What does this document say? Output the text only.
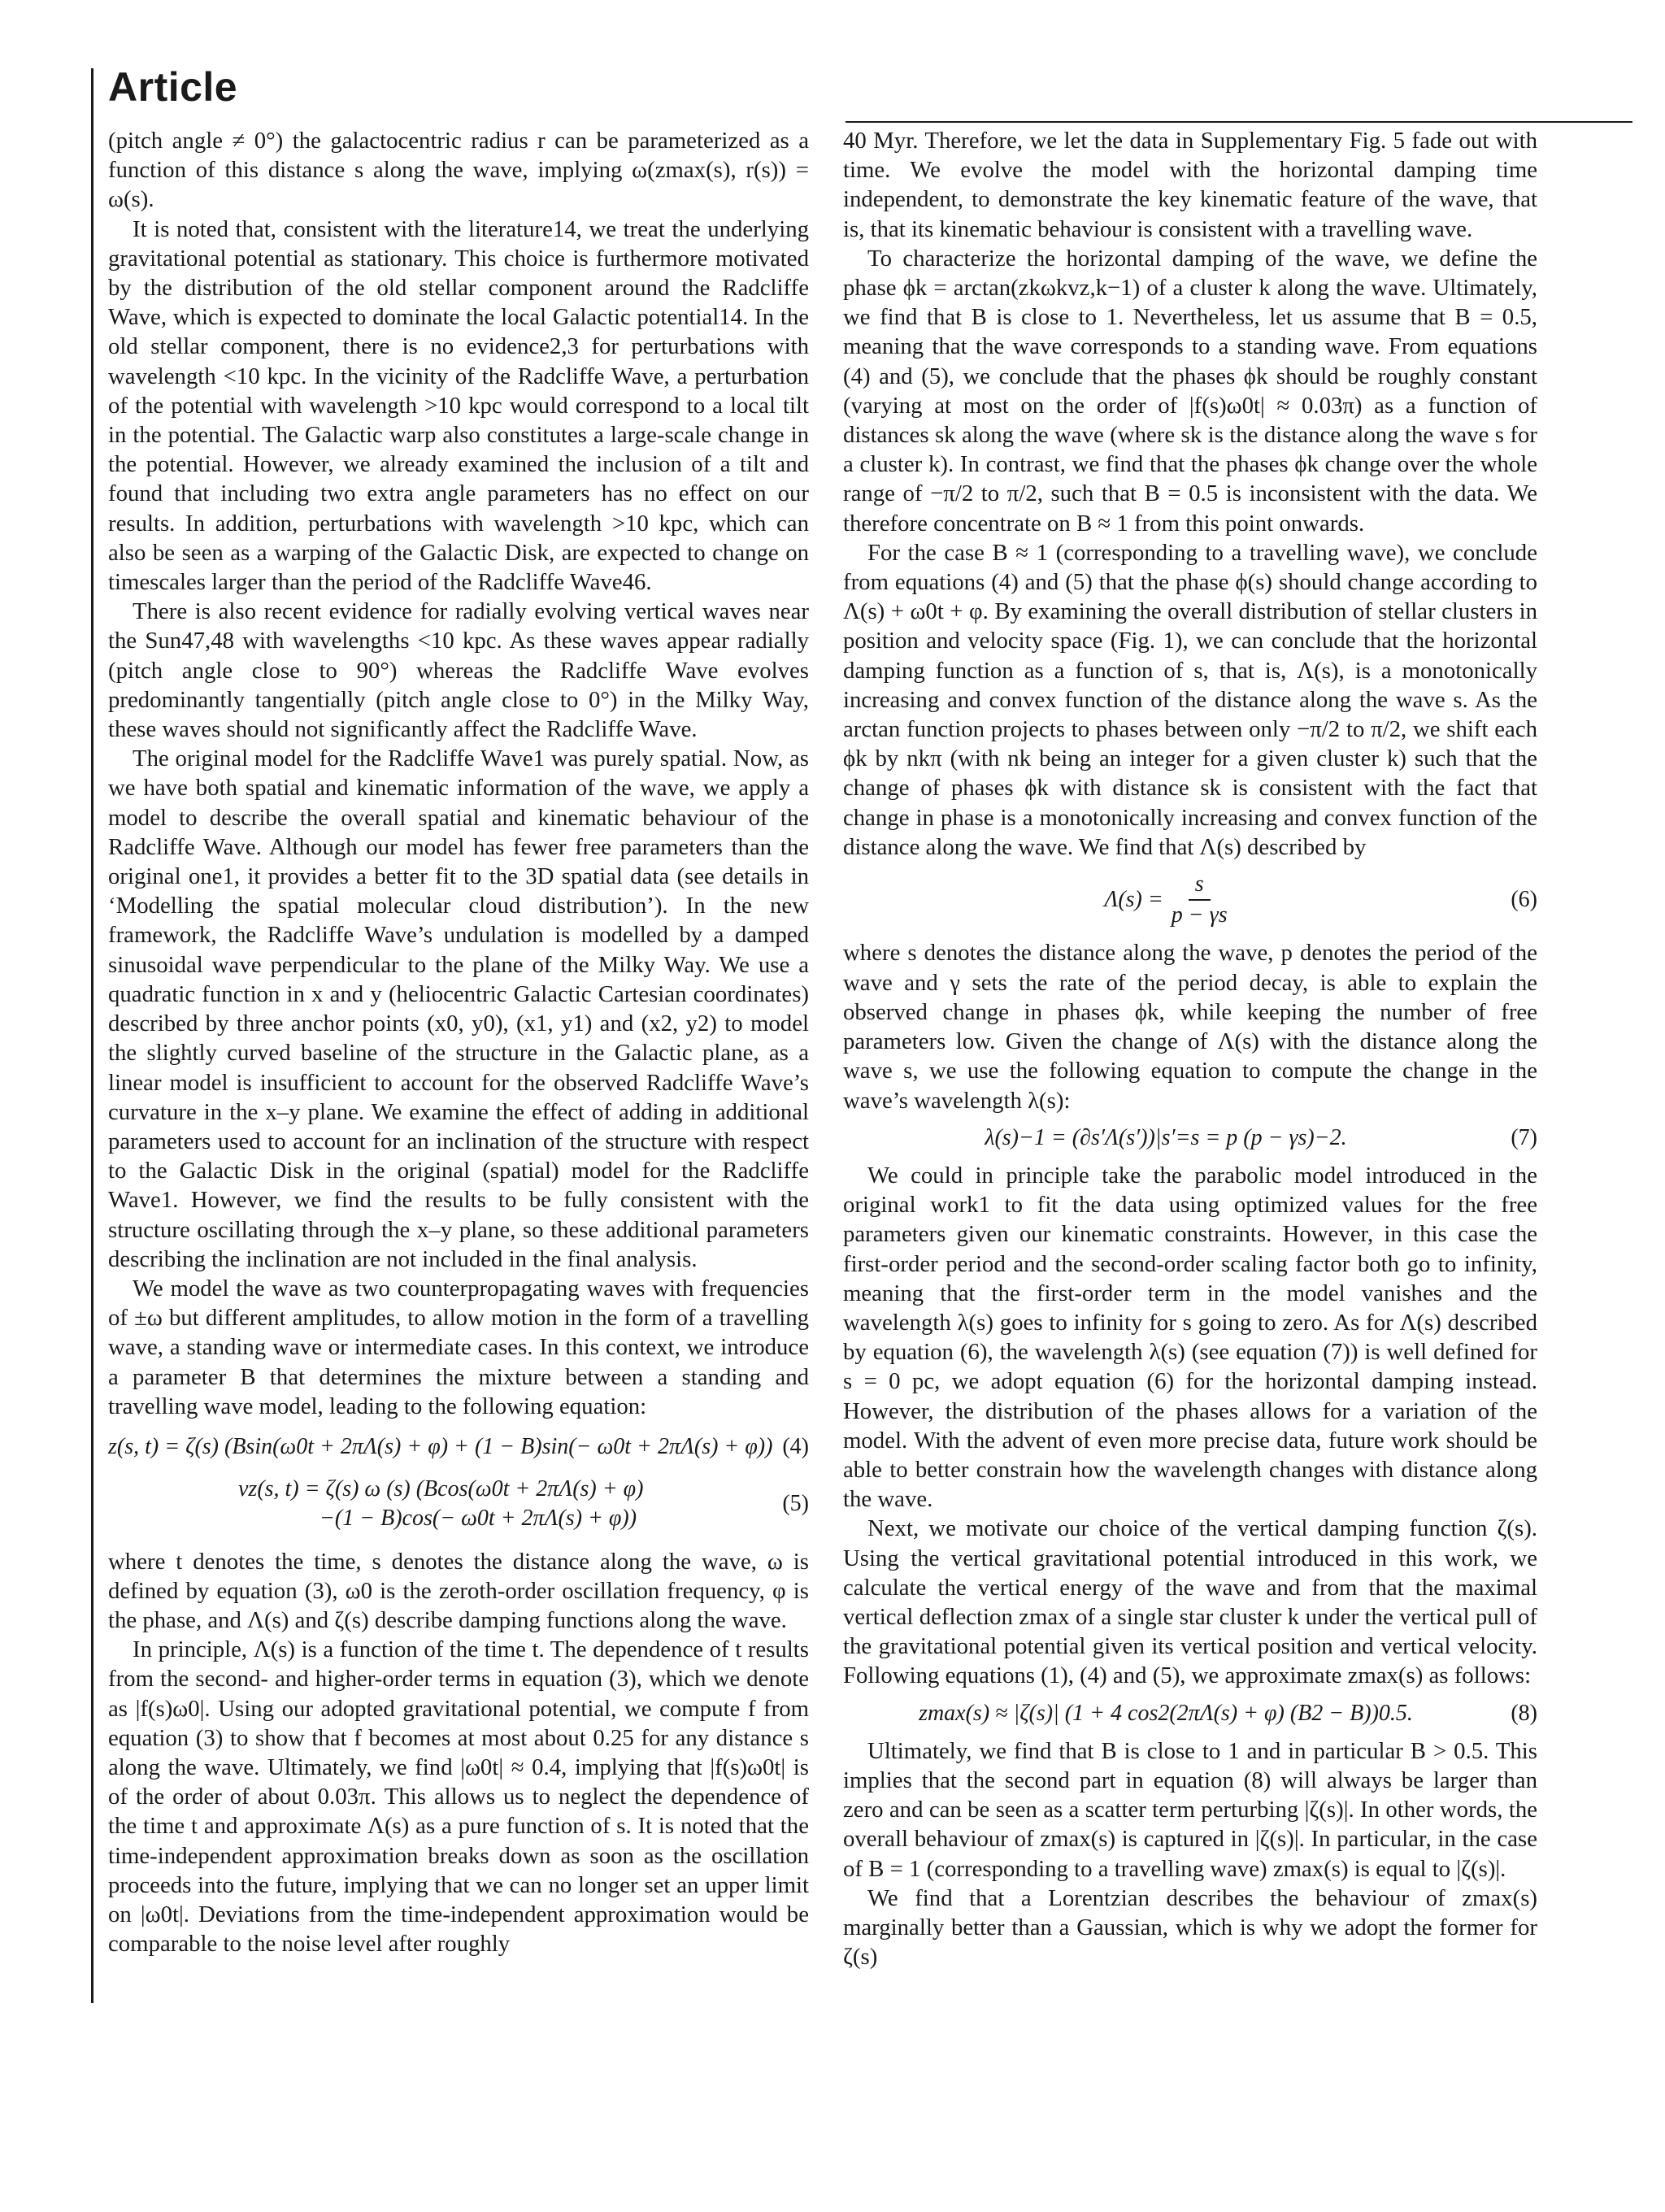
Article

(pitch angle ≠ 0°) the galactocentric radius r can be parameterized as a function of this distance s along the wave, implying ω(zmax(s), r(s)) = ω(s).

It is noted that, consistent with the literature14, we treat the underlying gravitational potential as stationary. This choice is furthermore motivated by the distribution of the old stellar component around the Radcliffe Wave, which is expected to dominate the local Galactic potential14. In the old stellar component, there is no evidence2,3 for perturbations with wavelength <10 kpc. In the vicinity of the Radcliffe Wave, a perturbation of the potential with wavelength >10 kpc would correspond to a local tilt in the potential. The Galactic warp also constitutes a large-scale change in the potential. However, we already examined the inclusion of a tilt and found that including two extra angle parameters has no effect on our results. In addition, perturbations with wavelength >10 kpc, which can also be seen as a warping of the Galactic Disk, are expected to change on timescales larger than the period of the Radcliffe Wave46.

There is also recent evidence for radially evolving vertical waves near the Sun47,48 with wavelengths <10 kpc. As these waves appear radially (pitch angle close to 90°) whereas the Radcliffe Wave evolves predominantly tangentially (pitch angle close to 0°) in the Milky Way, these waves should not significantly affect the Radcliffe Wave.

The original model for the Radcliffe Wave1 was purely spatial. Now, as we have both spatial and kinematic information of the wave, we apply a model to describe the overall spatial and kinematic behaviour of the Radcliffe Wave. Although our model has fewer free parameters than the original one1, it provides a better fit to the 3D spatial data (see details in ‘Modelling the spatial molecular cloud distribution’). In the new framework, the Radcliffe Wave’s undulation is modelled by a damped sinusoidal wave perpendicular to the plane of the Milky Way. We use a quadratic function in x and y (heliocentric Galactic Cartesian coordinates) described by three anchor points (x0, y0), (x1, y1) and (x2, y2) to model the slightly curved baseline of the structure in the Galactic plane, as a linear model is insufficient to account for the observed Radcliffe Wave’s curvature in the x–y plane. We examine the effect of adding in additional parameters used to account for an inclination of the structure with respect to the Galactic Disk in the original (spatial) model for the Radcliffe Wave1. However, we find the results to be fully consistent with the structure oscillating through the x–y plane, so these additional parameters describing the inclination are not included in the final analysis.

We model the wave as two counterpropagating waves with frequencies of ±ω but different amplitudes, to allow motion in the form of a travelling wave, a standing wave or intermediate cases. In this context, we introduce a parameter B that determines the mixture between a standing and travelling wave model, leading to the following equation:

z(s, t) = ζ(s) (Bsin(ω0t + 2πΛ(s) + φ) + (1 − B)sin(− ω0t + 2πΛ(s) + φ)) (4)
vz(s, t) = ζ(s) ω (s) (Bcos(ω0t + 2πΛ(s) + φ)
−(1 − B)cos(− ω0t + 2πΛ(s) + φ))
(5)

where t denotes the time, s denotes the distance along the wave, ω is defined by equation (3), ω0 is the zeroth-order oscillation frequency, φ is the phase, and Λ(s) and ζ(s) describe damping functions along the wave.

In principle, Λ(s) is a function of the time t. The dependence of t results from the second- and higher-order terms in equation (3), which we denote as |f(s)ω0|. Using our adopted gravitational potential, we compute f from equation (3) to show that f becomes at most about 0.25 for any distance s along the wave. Ultimately, we find |ω0t| ≈ 0.4, implying that |f(s)ω0t| is of the order of about 0.03π. This allows us to neglect the dependence of the time t and approximate Λ(s) as a pure function of s. It is noted that the time-independent approximation breaks down as soon as the oscillation proceeds into the future, implying that we can no longer set an upper limit on |ω0t|. Deviations from the time-independent approximation would be comparable to the noise level after roughly

40 Myr. Therefore, we let the data in Supplementary Fig. 5 fade out with time. We evolve the model with the horizontal damping time independent, to demonstrate the key kinematic feature of the wave, that is, that its kinematic behaviour is consistent with a travelling wave.

To characterize the horizontal damping of the wave, we define the phase ϕk = arctan(zkωkvz,k−1) of a cluster k along the wave. Ultimately, we find that B is close to 1. Nevertheless, let us assume that B = 0.5, meaning that the wave corresponds to a standing wave. From equations (4) and (5), we conclude that the phases ϕk should be roughly constant (varying at most on the order of |f(s)ω0t| ≈ 0.03π) as a function of distances sk along the wave (where sk is the distance along the wave s for a cluster k). In contrast, we find that the phases ϕk change over the whole range of −π/2 to π/2, such that B = 0.5 is inconsistent with the data. We therefore concentrate on B ≈ 1 from this point onwards.

For the case B ≈ 1 (corresponding to a travelling wave), we conclude from equations (4) and (5) that the phase ϕ(s) should change according to Λ(s) + ω0t + φ. By examining the overall distribution of stellar clusters in position and velocity space (Fig. 1), we can conclude that the horizontal damping function as a function of s, that is, Λ(s), is a monotonically increasing and convex function of the distance along the wave s. As the arctan function projects to phases between only −π/2 to π/2, we shift each ϕk by nkπ (with nk being an integer for a given cluster k) such that the change of phases ϕk with distance sk is consistent with the fact that change in phase is a monotonically increasing and convex function of the distance along the wave. We find that Λ(s) described by

$\Lambda(s) = \frac{s}{p - \gamma s}$	(6)

where s denotes the distance along the wave, p denotes the period of the wave and γ sets the rate of the period decay, is able to explain the observed change in phases ϕk, while keeping the number of free parameters low. Given the change of Λ(s) with the distance along the wave s, we use the following equation to compute the change in the wave’s wavelength λ(s):

λ(s)−1 = (∂s′Λ(s′))|s′=s = p (p − γs)−2.	(7)

We could in principle take the parabolic model introduced in the original work1 to fit the data using optimized values for the free parameters given our kinematic constraints. However, in this case the first-order period and the second-order scaling factor both go to infinity, meaning that the first-order term in the model vanishes and the wavelength λ(s) goes to infinity for s going to zero. As for Λ(s) described by equation (6), the wavelength λ(s) (see equation (7)) is well defined for s = 0 pc, we adopt equation (6) for the horizontal damping instead. However, the distribution of the phases allows for a variation of the model. With the advent of even more precise data, future work should be able to better constrain how the wavelength changes with distance along the wave.

Next, we motivate our choice of the vertical damping function ζ(s). Using the vertical gravitational potential introduced in this work, we calculate the vertical energy of the wave and from that the maximal vertical deflection zmax of a single star cluster k under the vertical pull of the gravitational potential given its vertical position and vertical velocity. Following equations (1), (4) and (5), we approximate zmax(s) as follows:

zmax(s) ≈ |ζ(s)| (1 + 4 cos2(2πΛ(s) + φ) (B2 − B))0.5.	(8)

Ultimately, we find that B is close to 1 and in particular B > 0.5. This implies that the second part in equation (8) will always be larger than zero and can be seen as a scatter term perturbing |ζ(s)|. In other words, the overall behaviour of zmax(s) is captured in |ζ(s)|. In particular, in the case of B = 1 (corresponding to a travelling wave) zmax(s) is equal to |ζ(s)|.

We find that a Lorentzian describes the behaviour of zmax(s) marginally better than a Gaussian, which is why we adopt the former for ζ(s)
